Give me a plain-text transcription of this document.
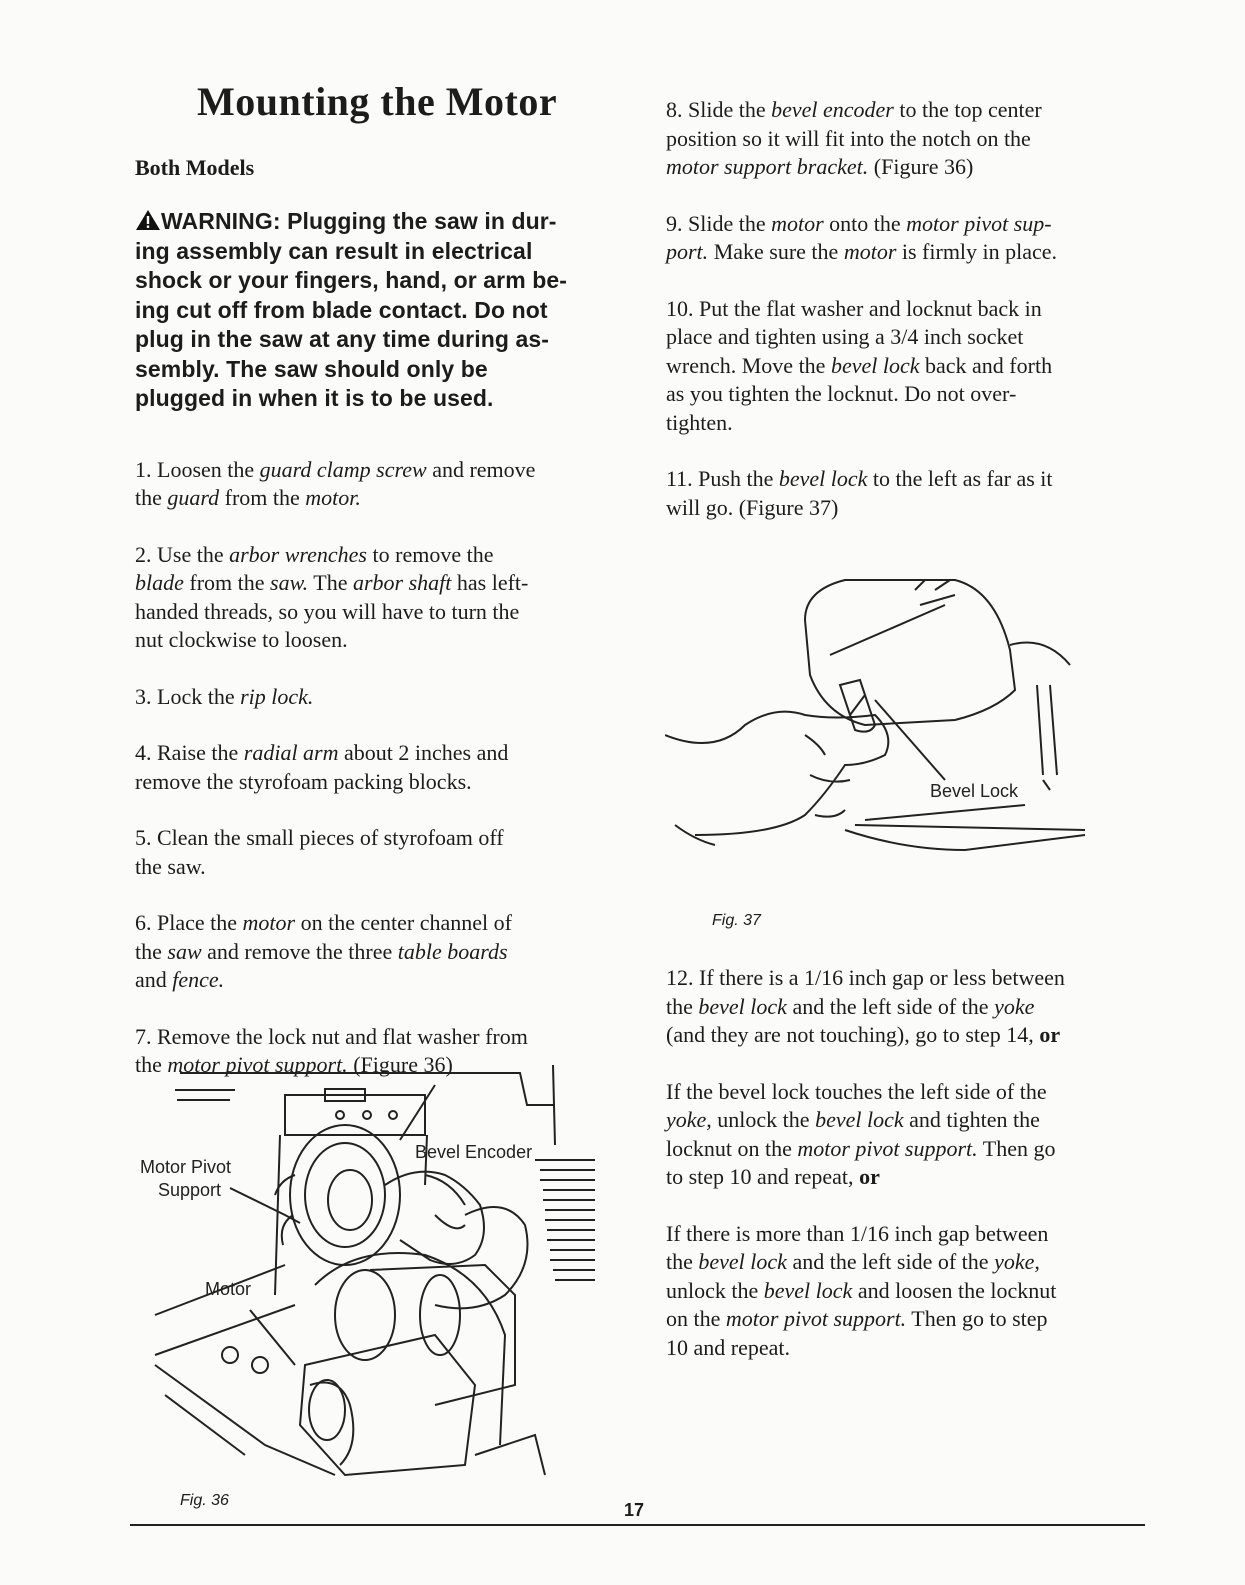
Mounting the Motor
Both Models
WARNING: Plugging the saw in dur-
ing assembly can result in electrical
shock or your fingers, hand, or arm be-
ing cut off from blade contact. Do not
plug in the saw at any time during as-
sembly. The saw should only be
plugged in when it is to be used.

1. Loosen the guard clamp screw and remove
the guard from the motor.

2. Use the arbor wrenches to remove the
blade from the saw. The arbor shaft has left-
handed threads, so you will have to turn the
nut clockwise to loosen.

3. Lock the rip lock.

4. Raise the radial arm about 2 inches and
remove the styrofoam packing blocks.

5. Clean the small pieces of styrofoam off
the saw.

6. Place the motor on the center channel of
the saw and remove the three table boards
and fence.

7. Remove the lock nut and flat washer from
the motor pivot support. (Figure 36)

Motor Pivot
Support
Bevel Encoder
Motor
Fig. 36

8. Slide the bevel encoder to the top center
position so it will fit into the notch on the
motor support bracket. (Figure 36)

9. Slide the motor onto the motor pivot sup-
port. Make sure the motor is firmly in place.

10. Put the flat washer and locknut back in
place and tighten using a 3/4 inch socket
wrench. Move the bevel lock back and forth
as you tighten the locknut. Do not over-
tighten.

11. Push the bevel lock to the left as far as it
will go. (Figure 37)

Bevel Lock
Fig. 37

12. If there is a 1/16 inch gap or less between
the bevel lock and the left side of the yoke
(and they are not touching), go to step 14, or

If the bevel lock touches the left side of the
yoke, unlock the bevel lock and tighten the
locknut on the motor pivot support. Then go
to step 10 and repeat, or

If there is more than 1/16 inch gap between
the bevel lock and the left side of the yoke,
unlock the bevel lock and loosen the locknut
on the motor pivot support. Then go to step
10 and repeat.

17
